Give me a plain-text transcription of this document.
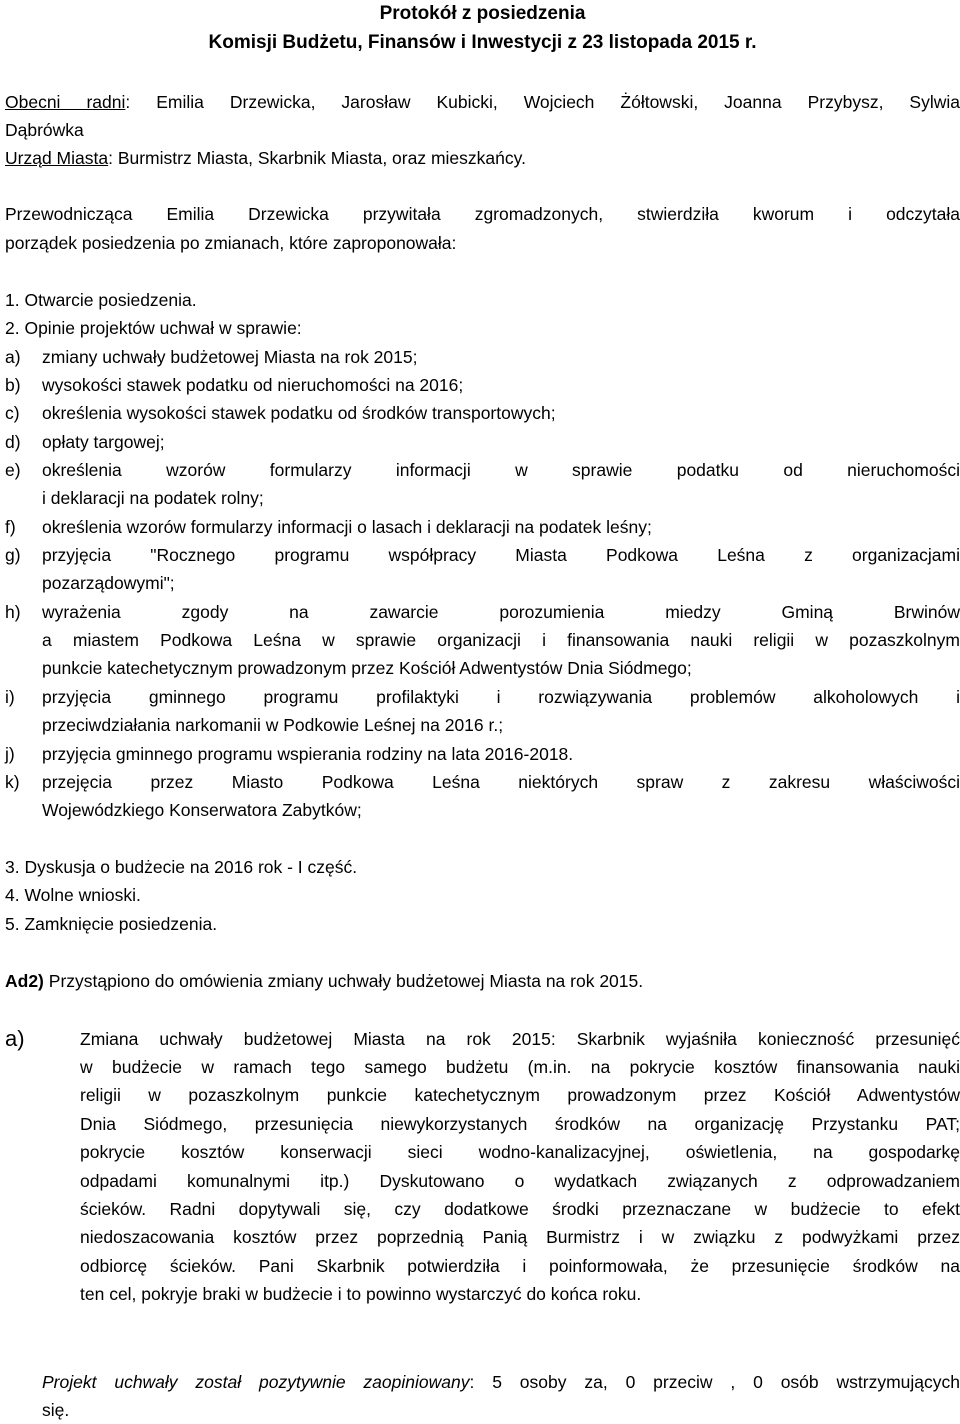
Protokół z posiedzenia
Komisji Budżetu, Finansów i Inwestycji z 23 listopada 2015 r.
Obecni radni: Emilia Drzewicka, Jarosław Kubicki, Wojciech Żółtowski, Joanna Przybysz, Sylwia
Dąbrówka
Urząd Miasta: Burmistrz Miasta, Skarbnik Miasta, oraz mieszkańcy.
Przewodnicząca Emilia Drzewicka przywitała zgromadzonych, stwierdziła kworum i odczytała
porządek posiedzenia po zmianach, które zaproponowała:
1. Otwarcie posiedzenia.
2. Opinie projektów uchwał w sprawie:
a) zmiany uchwały budżetowej Miasta na rok 2015;
b) wysokości stawek podatku od nieruchomości na 2016;
c) określenia wysokości stawek podatku od środków transportowych;
d) opłaty targowej;
e) określenia wzorów formularzy informacji w sprawie podatku od nieruchomości
i deklaracji na podatek rolny;
f) określenia wzorów formularzy informacji o lasach i deklaracji na podatek leśny;
g) przyjęcia "Rocznego programu współpracy Miasta Podkowa Leśna z organizacjami
pozarządowymi";
h) wyrażenia zgody na zawarcie porozumienia miedzy Gminą Brwinów
a miastem Podkowa Leśna w sprawie organizacji i finansowania nauki religii w pozaszkolnym
punkcie katechetycznym prowadzonym przez Kościół Adwentystów Dnia Siódmego;
i) przyjęcia gminnego programu profilaktyki i rozwiązywania problemów alkoholowych i
przeciwdziałania narkomanii w Podkowie Leśnej na 2016 r.;
j) przyjęcia gminnego programu wspierania rodziny na lata 2016-2018.
k) przejęcia przez Miasto Podkowa Leśna niektórych spraw z zakresu właściwości
Wojewódzkiego Konserwatora Zabytków;
3. Dyskusja o budżecie na 2016 rok - I część.
4. Wolne wnioski.
5. Zamknięcie posiedzenia.
Ad2) Przystąpiono do omówienia zmiany uchwały budżetowej Miasta na rok 2015.
a)	Zmiana uchwały budżetowej Miasta na rok 2015: Skarbnik wyjaśniła konieczność przesunięć
w budżecie w ramach tego samego budżetu (m.in. na pokrycie kosztów finansowania nauki
religii w pozaszkolnym punkcie katechetycznym prowadzonym przez Kościół Adwentystów
Dnia Siódmego, przesunięcia niewykorzystanych środków na organizację Przystanku PAT;
pokrycie kosztów konserwacji sieci wodno-kanalizacyjnej, oświetlenia, na gospodarkę
odpadami komunalnymi itp.) Dyskutowano o wydatkach związanych z odprowadzaniem
ścieków. Radni dopytywali się, czy dodatkowe środki przeznaczane w budżecie to efekt
niedoszacowania kosztów przez poprzednią Panią Burmistrz i w związku z podwyżkami przez
odbiorcę ścieków. Pani Skarbnik potwierdziła i poinformowała, że przesunięcie środków na
ten cel, pokryje braki w budżecie i to powinno wystarczyć do końca roku.
Projekt uchwały został pozytywnie zaopiniowany: 5 osoby za, 0 przeciw , 0 osób wstrzymujących
się.
